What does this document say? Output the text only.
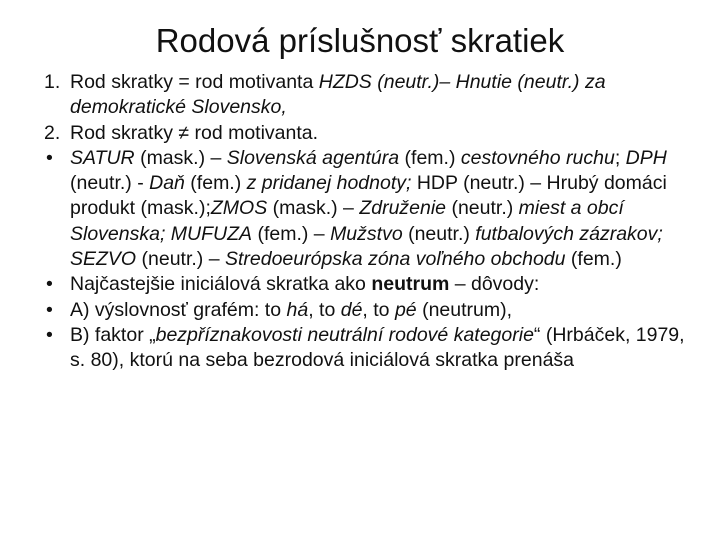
Rodová príslušnosť skratiek
1. Rod skratky = rod motivanta HZDS (neutr.)– Hnutie (neutr.) za demokratické Slovensko,
2. Rod skratky ≠ rod motivanta.
• SATUR (mask.) – Slovenská agentúra (fem.) cestovného ruchu; DPH (neutr.) - Daň (fem.) z pridanej hodnoty; HDP (neutr.) – Hrubý domáci produkt (mask.);ZMOS (mask.) – Združenie (neutr.) miest a obcí Slovenska; MUFUZA (fem.) – Mužstvo (neutr.) futbalových zázrakov; SEZVO (neutr.) – Stredoeurópska zóna voľného obchodu (fem.)
• Najčastejšie iniciálová skratka ako neutrum – dôvody:
• A) výslovnosť grafém: to há, to dé, to pé (neutrum),
• B) faktor „bezpříznakovosti neutrální rodové kategorie“ (Hrbáček, 1979, s. 80), ktorú na seba bezrodová iniciálová skratka prenáša
